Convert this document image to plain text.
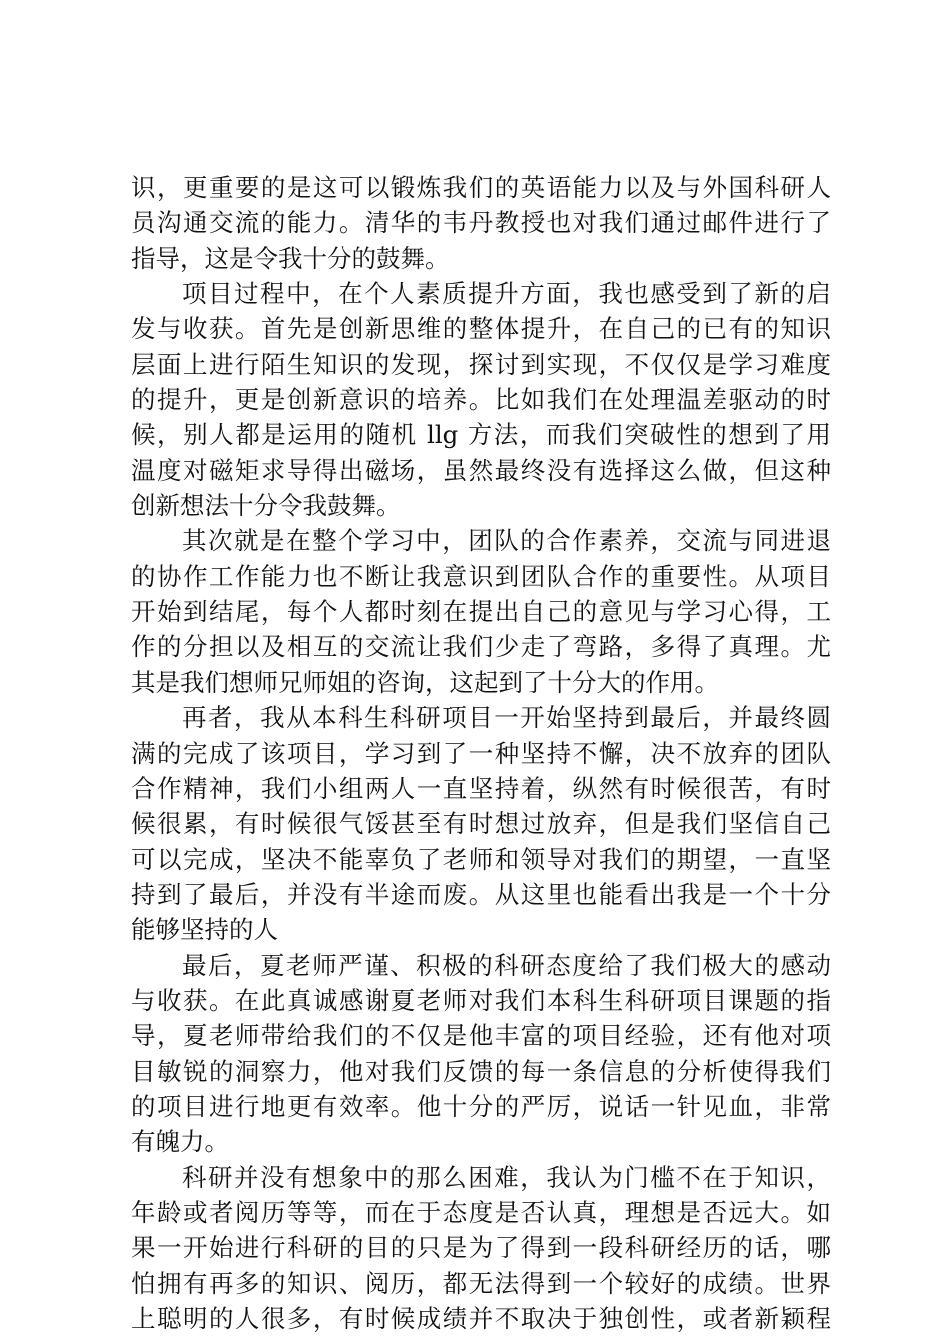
识，更重要的是这可以锻炼我们的英语能力以及与外国科研人
员沟通交流的能力。清华的韦丹教授也对我们通过邮件进行了
指导，这是令我十分的鼓舞。
项目过程中，在个人素质提升方面，我也感受到了新的启
发与收获。首先是创新思维的整体提升，在自己的已有的知识
层面上进行陌生知识的发现，探讨到实现，不仅仅是学习难度
的提升，更是创新意识的培养。比如我们在处理温差驱动的时
候，别人都是运用的随机 llg 方法，而我们突破性的想到了用
温度对磁矩求导得出磁场，虽然最终没有选择这么做，但这种
创新想法十分令我鼓舞。
其次就是在整个学习中，团队的合作素养，交流与同进退
的协作工作能力也不断让我意识到团队合作的重要性。从项目
开始到结尾，每个人都时刻在提出自己的意见与学习心得，工
作的分担以及相互的交流让我们少走了弯路，多得了真理。尤
其是我们想师兄师姐的咨询，这起到了十分大的作用。
再者，我从本科生科研项目一开始坚持到最后，并最终圆
满的完成了该项目，学习到了一种坚持不懈，决不放弃的团队
合作精神，我们小组两人一直坚持着，纵然有时候很苦，有时
候很累，有时候很气馁甚至有时想过放弃，但是我们坚信自己
可以完成，坚决不能辜负了老师和领导对我们的期望，一直坚
持到了最后，并没有半途而废。从这里也能看出我是一个十分
能够坚持的人
最后，夏老师严谨、积极的科研态度给了我们极大的感动
与收获。在此真诚感谢夏老师对我们本科生科研项目课题的指
导，夏老师带给我们的不仅是他丰富的项目经验，还有他对项
目敏锐的洞察力，他对我们反馈的每一条信息的分析使得我们
的项目进行地更有效率。他十分的严厉，说话一针见血，非常
有魄力。
科研并没有想象中的那么困难，我认为门槛不在于知识，
年龄或者阅历等等，而在于态度是否认真，理想是否远大。如
果一开始进行科研的目的只是为了得到一段科研经历的话，哪
怕拥有再多的知识、阅历，都无法得到一个较好的成绩。世界
上聪明的人很多，有时候成绩并不取决于独创性，或者新颖程
